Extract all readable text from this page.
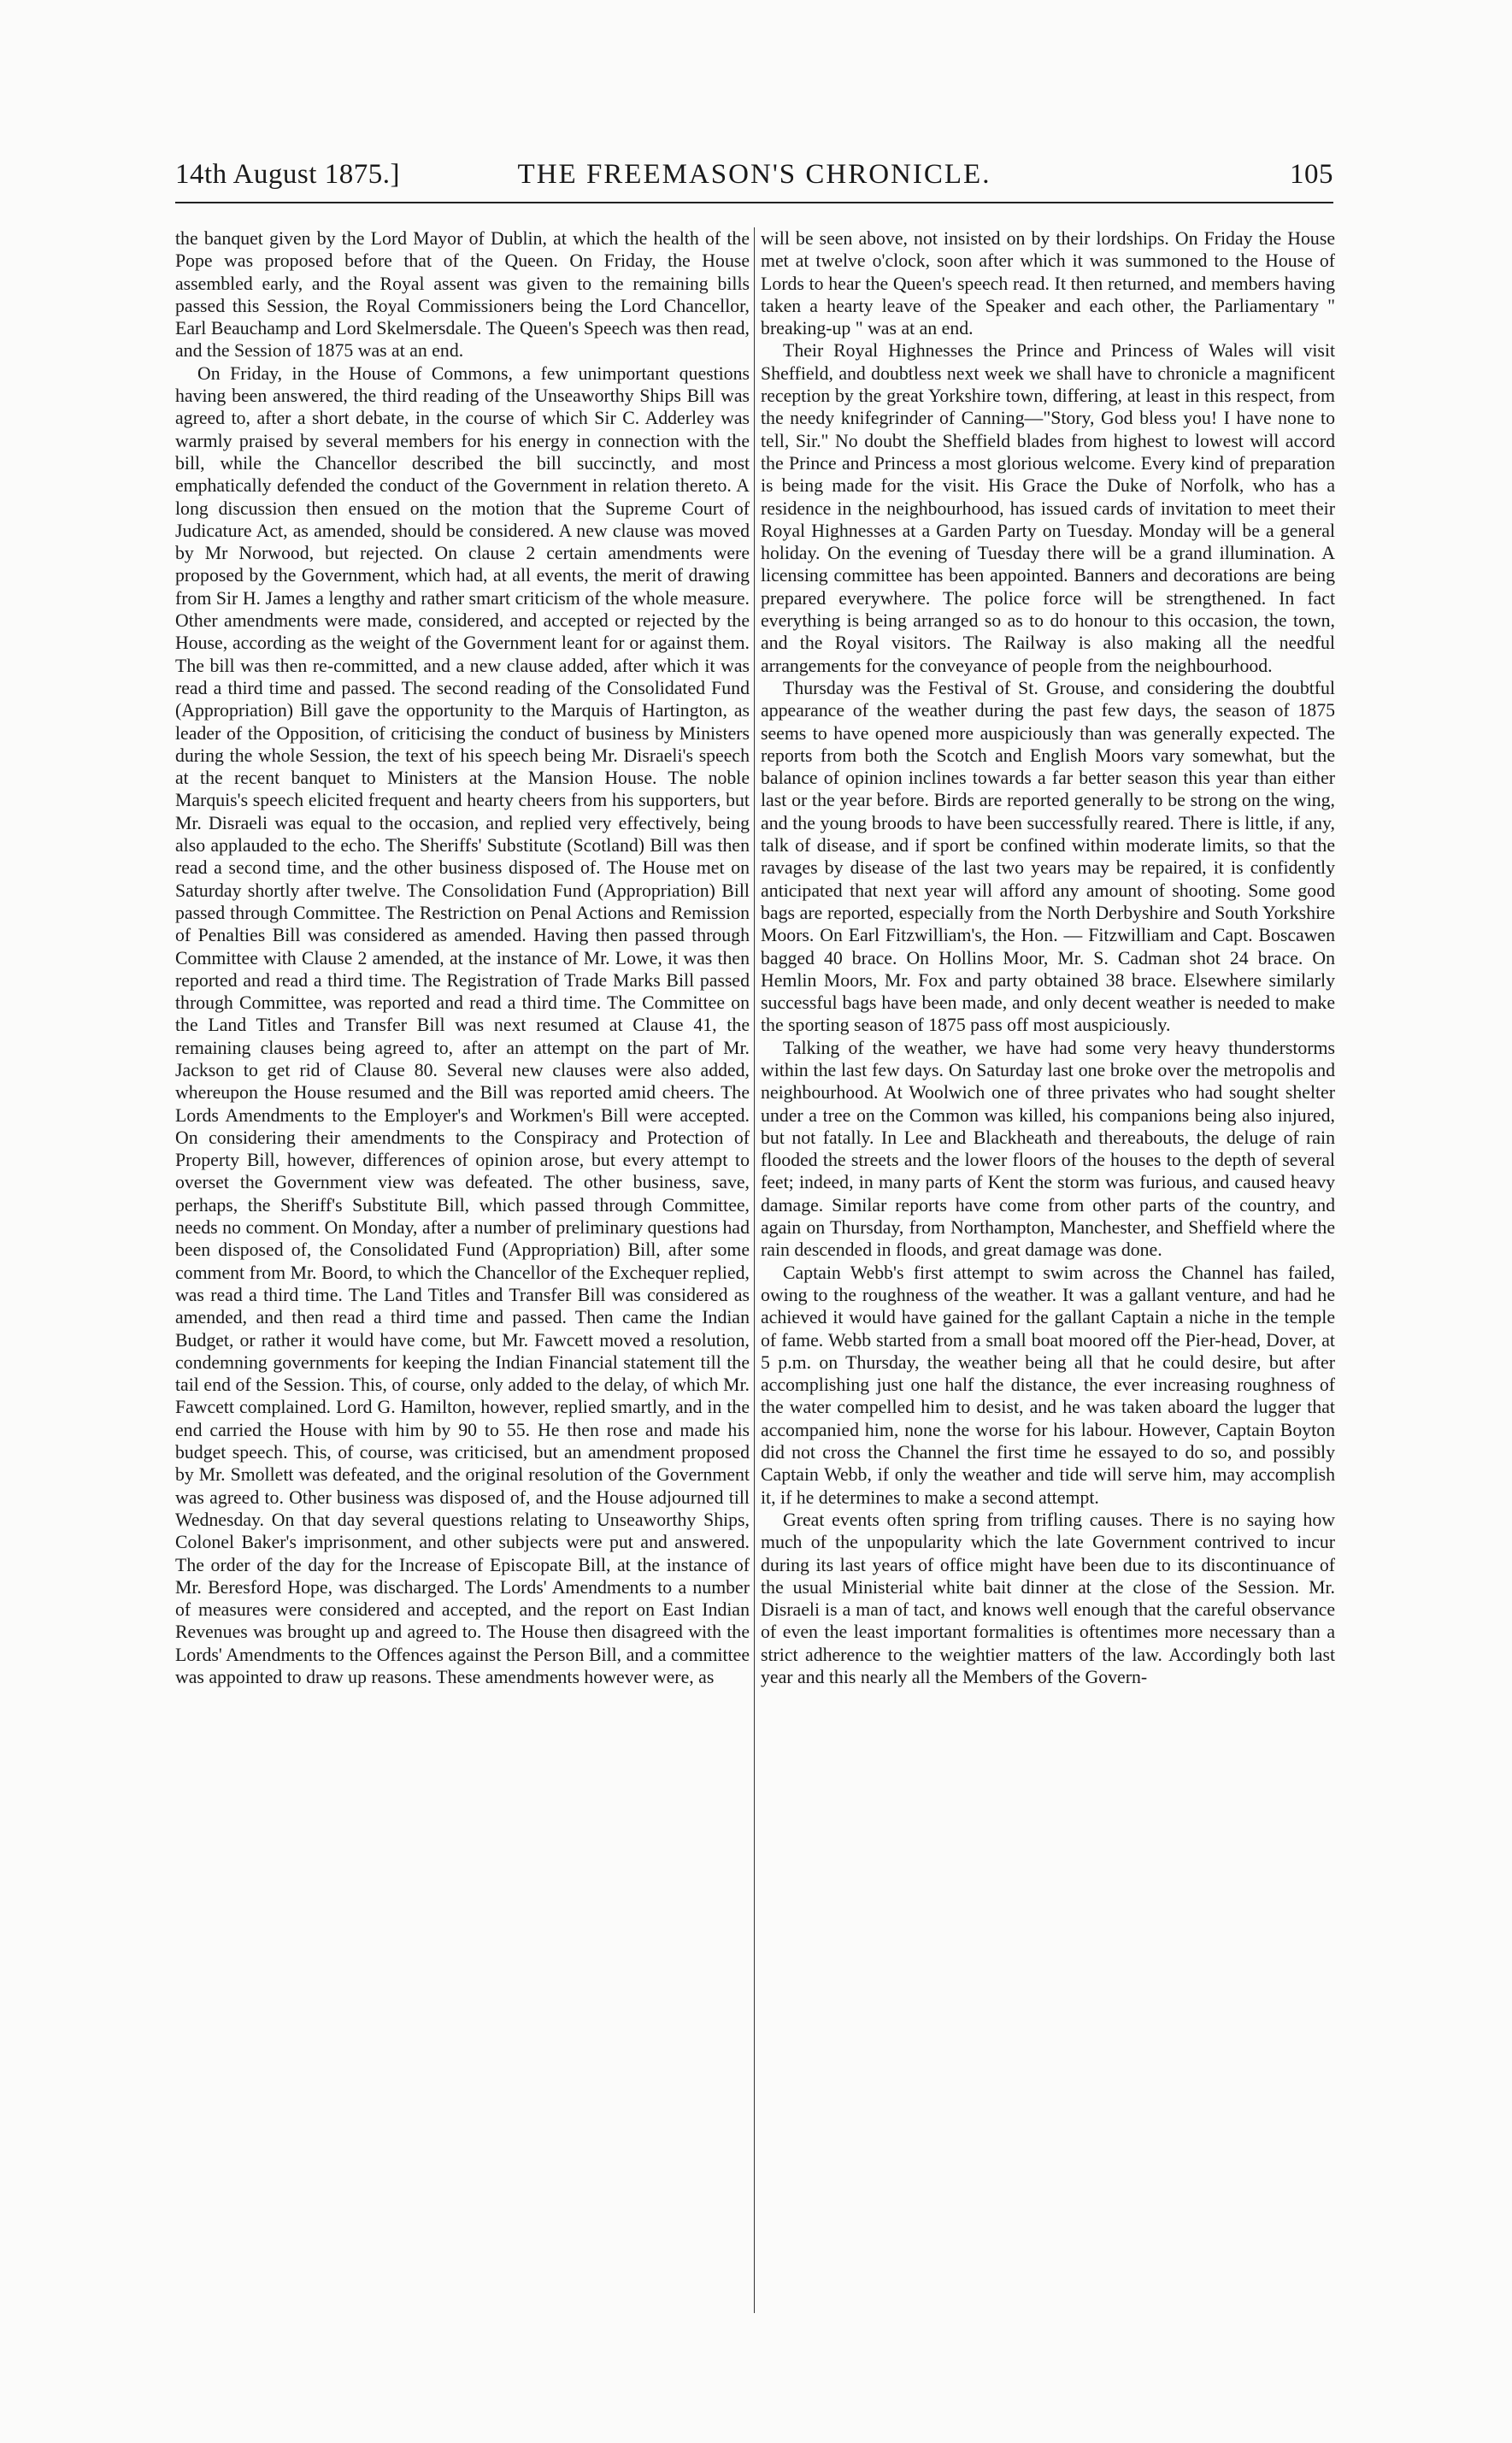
14th August 1875.]	THE FREEMASON'S CHRONICLE.	105

the banquet given by the Lord Mayor of Dublin, at which the health of the Pope was proposed before that of the Queen. On Friday, the House assembled early, and the Royal assent was given to the remaining bills passed this Session, the Royal Commissioners being the Lord Chancellor, Earl Beauchamp and Lord Skelmersdale. The Queen's Speech was then read, and the Session of 1875 was at an end.

On Friday, in the House of Commons, a few unimportant questions having been answered, the third reading of the Unseaworthy Ships Bill was agreed to, after a short debate, in the course of which Sir C. Adderley was warmly praised by several members for his energy in connection with the bill, while the Chancellor described the bill succinctly, and most emphatically defended the conduct of the Government in relation thereto. A long discussion then ensued on the motion that the Supreme Court of Judicature Act, as amended, should be considered. A new clause was moved by Mr Norwood, but rejected. On clause 2 certain amendments were proposed by the Government, which had, at all events, the merit of drawing from Sir H. James a lengthy and rather smart criticism of the whole measure. Other amendments were made, considered, and accepted or rejected by the House, according as the weight of the Government leant for or against them. The bill was then re-committed, and a new clause added, after which it was read a third time and passed. The second reading of the Consolidated Fund (Appropriation) Bill gave the opportunity to the Marquis of Hartington, as leader of the Opposition, of criticising the conduct of business by Ministers during the whole Session, the text of his speech being Mr. Disraeli's speech at the recent banquet to Ministers at the Mansion House. The noble Marquis's speech elicited frequent and hearty cheers from his supporters, but Mr. Disraeli was equal to the occasion, and replied very effectively, being also applauded to the echo. The Sheriffs' Substitute (Scotland) Bill was then read a second time, and the other business disposed of. The House met on Saturday shortly after twelve. The Consolidation Fund (Appropriation) Bill passed through Committee. The Restriction on Penal Actions and Remission of Penalties Bill was considered as amended. Having then passed through Committee with Clause 2 amended, at the instance of Mr. Lowe, it was then reported and read a third time. The Registration of Trade Marks Bill passed through Committee, was reported and read a third time. The Committee on the Land Titles and Transfer Bill was next resumed at Clause 41, the remaining clauses being agreed to, after an attempt on the part of Mr. Jackson to get rid of Clause 80. Several new clauses were also added, whereupon the House resumed and the Bill was reported amid cheers. The Lords Amendments to the Employer's and Workmen's Bill were accepted. On considering their amendments to the Conspiracy and Protection of Property Bill, however, differences of opinion arose, but every attempt to overset the Government view was defeated. The other business, save, perhaps, the Sheriff's Substitute Bill, which passed through Committee, needs no comment. On Monday, after a number of preliminary questions had been disposed of, the Consolidated Fund (Appropriation) Bill, after some comment from Mr. Boord, to which the Chancellor of the Exchequer replied, was read a third time. The Land Titles and Transfer Bill was considered as amended, and then read a third time and passed. Then came the Indian Budget, or rather it would have come, but Mr. Fawcett moved a resolution, condemning governments for keeping the Indian Financial statement till the tail end of the Session. This, of course, only added to the delay, of which Mr. Fawcett complained. Lord G. Hamilton, however, replied smartly, and in the end carried the House with him by 90 to 55. He then rose and made his budget speech. This, of course, was criticised, but an amendment proposed by Mr. Smollett was defeated, and the original resolution of the Government was agreed to. Other business was disposed of, and the House adjourned till Wednesday. On that day several questions relating to Unseaworthy Ships, Colonel Baker's imprisonment, and other subjects were put and answered. The order of the day for the Increase of Episcopate Bill, at the instance of Mr. Beresford Hope, was discharged. The Lords' Amendments to a number of measures were considered and accepted, and the report on East Indian Revenues was brought up and agreed to. The House then disagreed with the Lords' Amendments to the Offences against the Person Bill, and a committee was appointed to draw up reasons. These amendments however were, as

will be seen above, not insisted on by their lordships. On Friday the House met at twelve o'clock, soon after which it was summoned to the House of Lords to hear the Queen's speech read. It then returned, and members having taken a hearty leave of the Speaker and each other, the Parliamentary " breaking-up " was at an end.

Their Royal Highnesses the Prince and Princess of Wales will visit Sheffield, and doubtless next week we shall have to chronicle a magnificent reception by the great Yorkshire town, differing, at least in this respect, from the needy knifegrinder of Canning—"Story, God bless you! I have none to tell, Sir." No doubt the Sheffield blades from highest to lowest will accord the Prince and Princess a most glorious welcome. Every kind of preparation is being made for the visit. His Grace the Duke of Norfolk, who has a residence in the neighbourhood, has issued cards of invitation to meet their Royal Highnesses at a Garden Party on Tuesday. Monday will be a general holiday. On the evening of Tuesday there will be a grand illumination. A licensing committee has been appointed. Banners and decorations are being prepared everywhere. The police force will be strengthened. In fact everything is being arranged so as to do honour to this occasion, the town, and the Royal visitors. The Railway is also making all the needful arrangements for the conveyance of people from the neighbourhood.

Thursday was the Festival of St. Grouse, and considering the doubtful appearance of the weather during the past few days, the season of 1875 seems to have opened more auspiciously than was generally expected. The reports from both the Scotch and English Moors vary somewhat, but the balance of opinion inclines towards a far better season this year than either last or the year before. Birds are reported generally to be strong on the wing, and the young broods to have been successfully reared. There is little, if any, talk of disease, and if sport be confined within moderate limits, so that the ravages by disease of the last two years may be repaired, it is confidently anticipated that next year will afford any amount of shooting. Some good bags are reported, especially from the North Derbyshire and South Yorkshire Moors. On Earl Fitzwilliam's, the Hon. — Fitzwilliam and Capt. Boscawen bagged 40 brace. On Hollins Moor, Mr. S. Cadman shot 24 brace. On Hemlin Moors, Mr. Fox and party obtained 38 brace. Elsewhere similarly successful bags have been made, and only decent weather is needed to make the sporting season of 1875 pass off most auspiciously.

Talking of the weather, we have had some very heavy thunderstorms within the last few days. On Saturday last one broke over the metropolis and neighbourhood. At Woolwich one of three privates who had sought shelter under a tree on the Common was killed, his companions being also injured, but not fatally. In Lee and Blackheath and thereabouts, the deluge of rain flooded the streets and the lower floors of the houses to the depth of several feet; indeed, in many parts of Kent the storm was furious, and caused heavy damage. Similar reports have come from other parts of the country, and again on Thursday, from Northampton, Manchester, and Sheffield where the rain descended in floods, and great damage was done.

Captain Webb's first attempt to swim across the Channel has failed, owing to the roughness of the weather. It was a gallant venture, and had he achieved it would have gained for the gallant Captain a niche in the temple of fame. Webb started from a small boat moored off the Pier-head, Dover, at 5 p.m. on Thursday, the weather being all that he could desire, but after accomplishing just one half the distance, the ever increasing roughness of the water compelled him to desist, and he was taken aboard the lugger that accompanied him, none the worse for his labour. However, Captain Boyton did not cross the Channel the first time he essayed to do so, and possibly Captain Webb, if only the weather and tide will serve him, may accomplish it, if he determines to make a second attempt.

Great events often spring from trifling causes. There is no saying how much of the unpopularity which the late Government contrived to incur during its last years of office might have been due to its discontinuance of the usual Ministerial white bait dinner at the close of the Session. Mr. Disraeli is a man of tact, and knows well enough that the careful observance of even the least important formalities is oftentimes more necessary than a strict adherence to the weightier matters of the law. Accordingly both last year and this nearly all the Members of the Govern-
